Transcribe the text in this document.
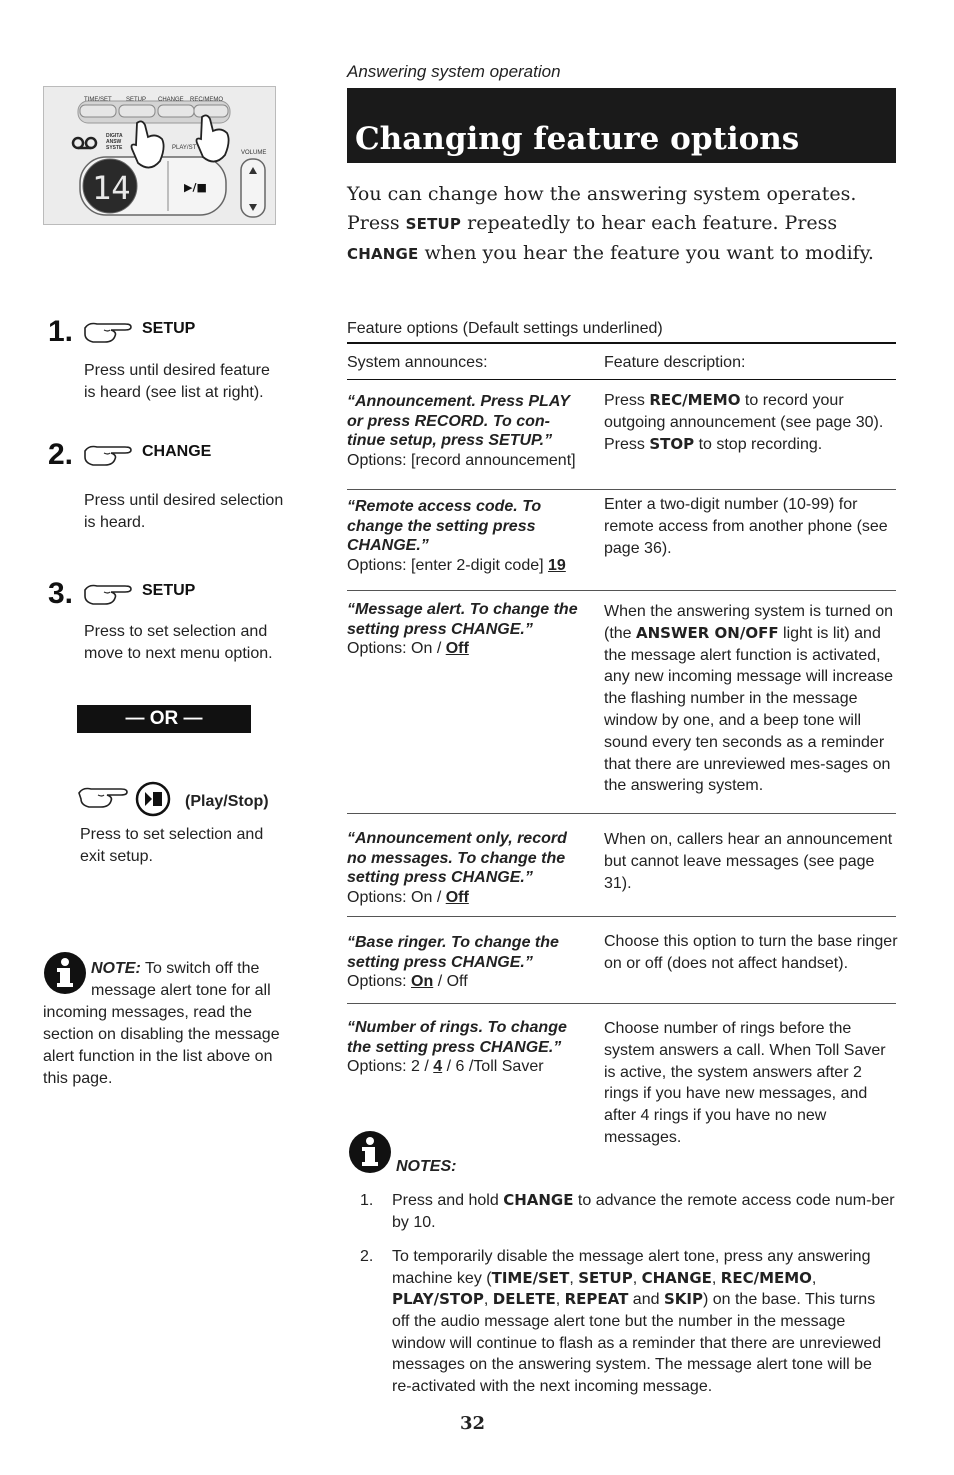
Answering system operation
Changing feature options
You can change how the answering system operates. Press SETUP repeatedly to hear each feature. Press
CHANGE when you hear the feature you want to modify.
TIME/SET SETUP CHANGE REC/MEMO
DIGITA
ANSW
SYSTE	PLAY/ST
VOLUME
14	▶/■
1.	SETUP
Press until desired feature is heard (see list at right).
2.	CHANGE
Press until desired selection is heard.
3.	SETUP
Press to set selection and move to next menu option.
— OR —
(Play/Stop)
Press to set selection and exit setup.
NOTE: To switch off the message alert tone for all incoming messages, read the section on disabling the message alert function in the list above on this page.
Feature options (Default settings underlined)
System announces:	Feature description:
“Announcement. Press PLAY or press RECORD. To con-tinue setup, press SETUP.”
Options: [record announcement]
Press REC/MEMO to record your outgoing announcement (see page 30). Press STOP to stop recording.
“Remote access code. To change the setting press CHANGE.”
Options: [enter 2-digit code] 19
Enter a two-digit number (10-99) for remote access from another phone (see page 36).
“Message alert. To change the setting press CHANGE.”
Options: On / Off
When the answering system is turned on (the ANSWER ON/OFF light is lit) and the message alert function is activated, any new incoming message will increase the flashing number in the message window by one, and a beep tone will sound every ten seconds as a reminder that there are unreviewed mes-sages on the answering system.
“Announcement only, record no messages. To change the setting press CHANGE.”
Options: On / Off
When on, callers hear an announcement but cannot leave messages (see page 31).
“Base ringer. To change the setting press CHANGE.”
Options: On / Off
Choose this option to turn the base ringer on or off (does not affect handset).
“Number of rings. To change the setting press CHANGE.”
Options: 2 / 4 / 6 /Toll Saver
Choose number of rings before the system answers a call. When Toll Saver is active, the system answers after 2 rings if you have new messages, and after 4 rings if you have no new messages.
NOTES:
1. Press and hold CHANGE to advance the remote access code num-ber by 10.
2. To temporarily disable the message alert tone, press any answering machine key (TIME/SET, SETUP, CHANGE, REC/MEMO, PLAY/STOP, DELETE, REPEAT and SKIP) on the base. This turns off the audio message alert tone but the number in the message window will continue to flash as a reminder that there are unreviewed messages on the answering system. The message alert tone will be re-activated with the next incoming message.
32
